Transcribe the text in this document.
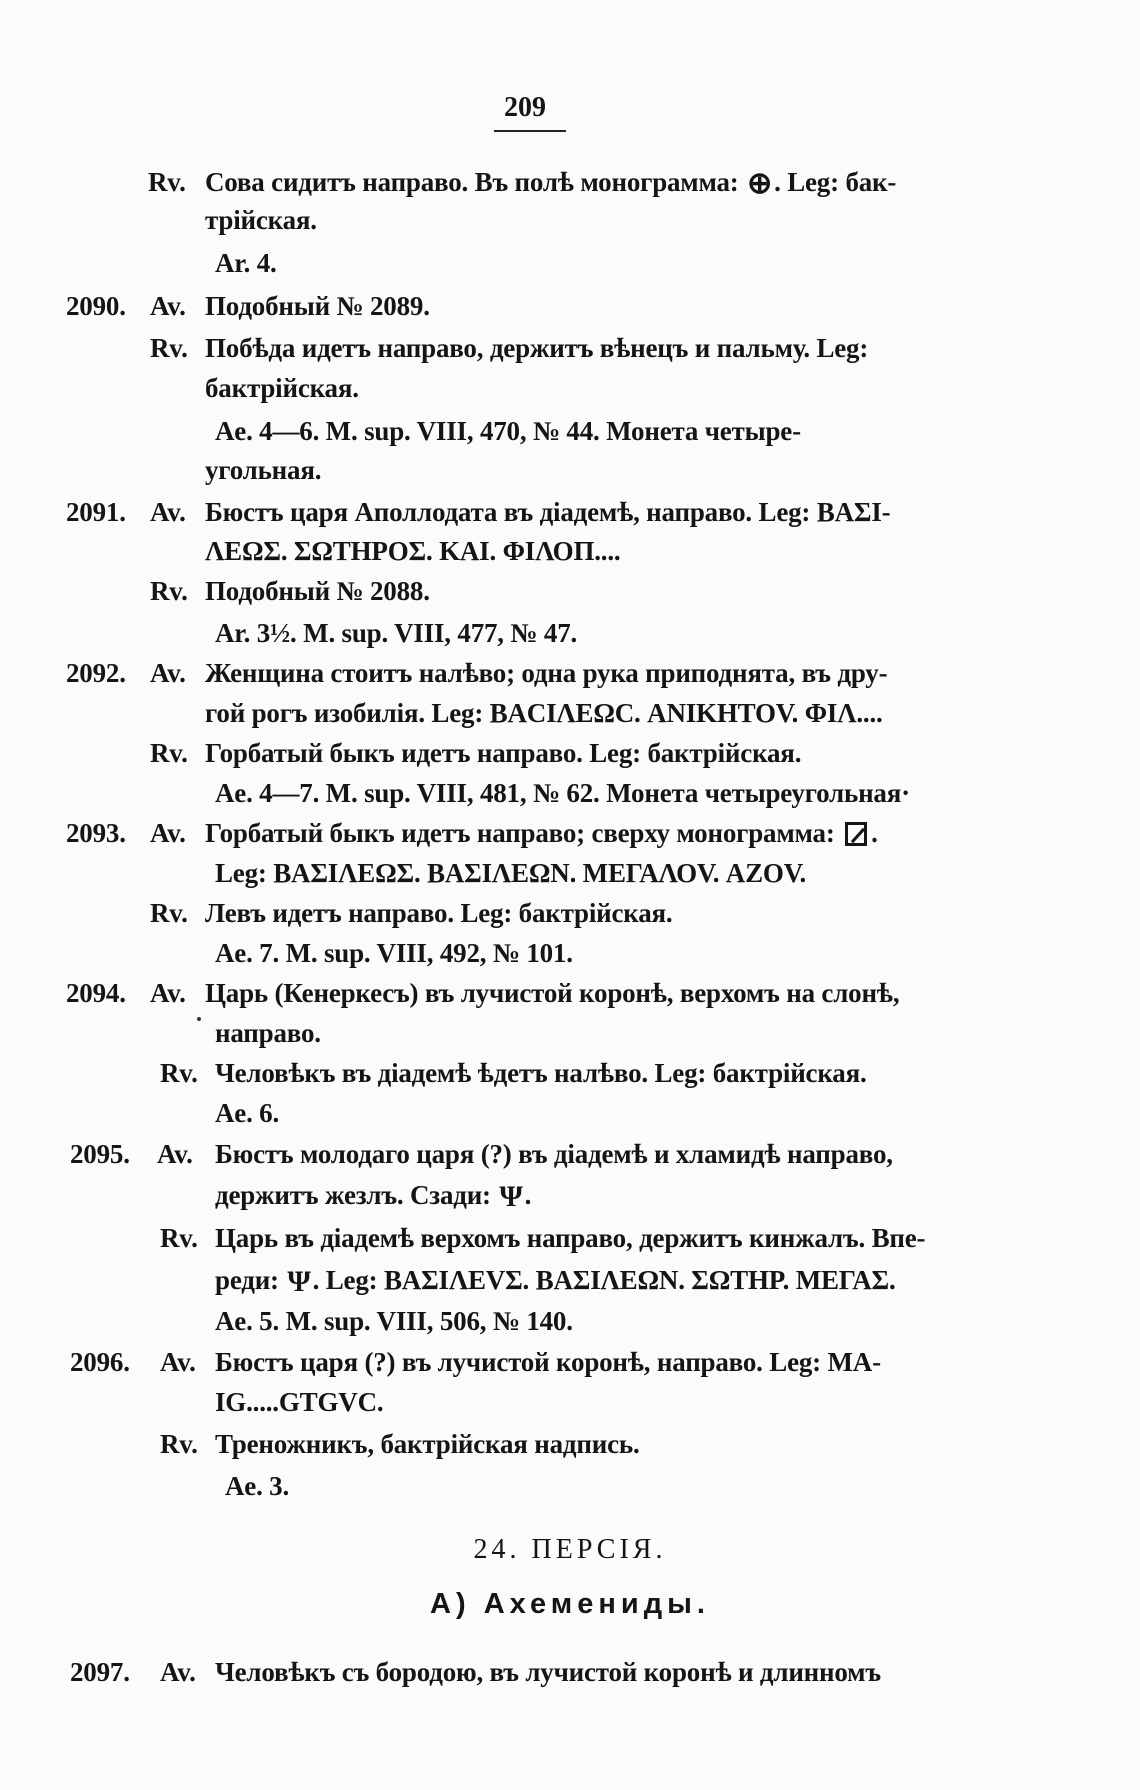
209
Rv. Сова сидитъ направо. Въ полѣ монограмма: ⊕. Leg: бак-
трiйская.
Ar. 4.
2090. Av. Подобный № 2089.
Rv. Побѣда идетъ направо, держитъ вѣнецъ и пальму. Leg:
бактрiйская.
Ae. 4—6. M. sup. VIII, 470, № 44. Монета четыре-
угольная.
2091. Av. Бюстъ царя Аполлодата въ дiадемѣ, направо. Leg: ΒΑΣΙ-
ΛΕΩΣ. ΣΩΤΗΡΟΣ. ΚΑΙ. ΦΙΛΟΠ....
Rv. Подобный № 2088.
Ar. 3½. M. sup. VIII, 477, № 47.
2092. Av. Женщина стоитъ налѣво; одна рука приподнята, въ дру-
гой рогъ изобилiя. Leg: ΒΑCΙΛΕΩC. ΑΝΙΚΗΤΟV. ΦΙΛ....
Rv. Горбатый быкъ идетъ направо. Leg: бактрiйская.
Ae. 4—7. M. sup. VIII, 481, № 62. Монета четыреугольная·
2093. Av. Горбатый быкъ идетъ направо; сверху монограмма: .
Leg: ΒΑΣΙΛΕΩΣ. ΒΑΣΙΛΕΩΝ. ΜΕΓΑΛΟV. ΑΖΟV.
Rv. Левъ идетъ направо. Leg: бактрiйская.
Ae. 7. M. sup. VIII, 492, № 101.
2094. Av. Царь (Кенеркесъ) въ лучистой коронѣ, верхомъ на слонѣ,
направо.
Rv. Человѣкъ въ дiадемѣ ѣдетъ налѣво. Leg: бактрiйская.
Ae. 6.
2095. Av. Бюстъ молодаго царя (?) въ дiадемѣ и хламидѣ направо,
держитъ жезлъ. Сзади: Ψ.
Rv. Царь въ дiадемѣ верхомъ направо, держитъ кинжалъ. Впе-
реди: Ψ. Leg: ΒΑΣΙΛΕVΣ. ΒΑΣΙΛΕΩΝ. ΣΩΤΗΡ. ΜΕΓΑΣ.
Ae. 5. M. sup. VIII, 506, № 140.
2096. Av. Бюстъ царя (?) въ лучистой коронѣ, направо. Leg: MA-
IG.....GTGVC.
Rv. Треножникъ, бактрiйская надпись.
Ae. 3.
24. ПЕРСIЯ.
А) Ахемениды.
2097. Av. Человѣкъ съ бородою, въ лучистой коронѣ и длинномъ
